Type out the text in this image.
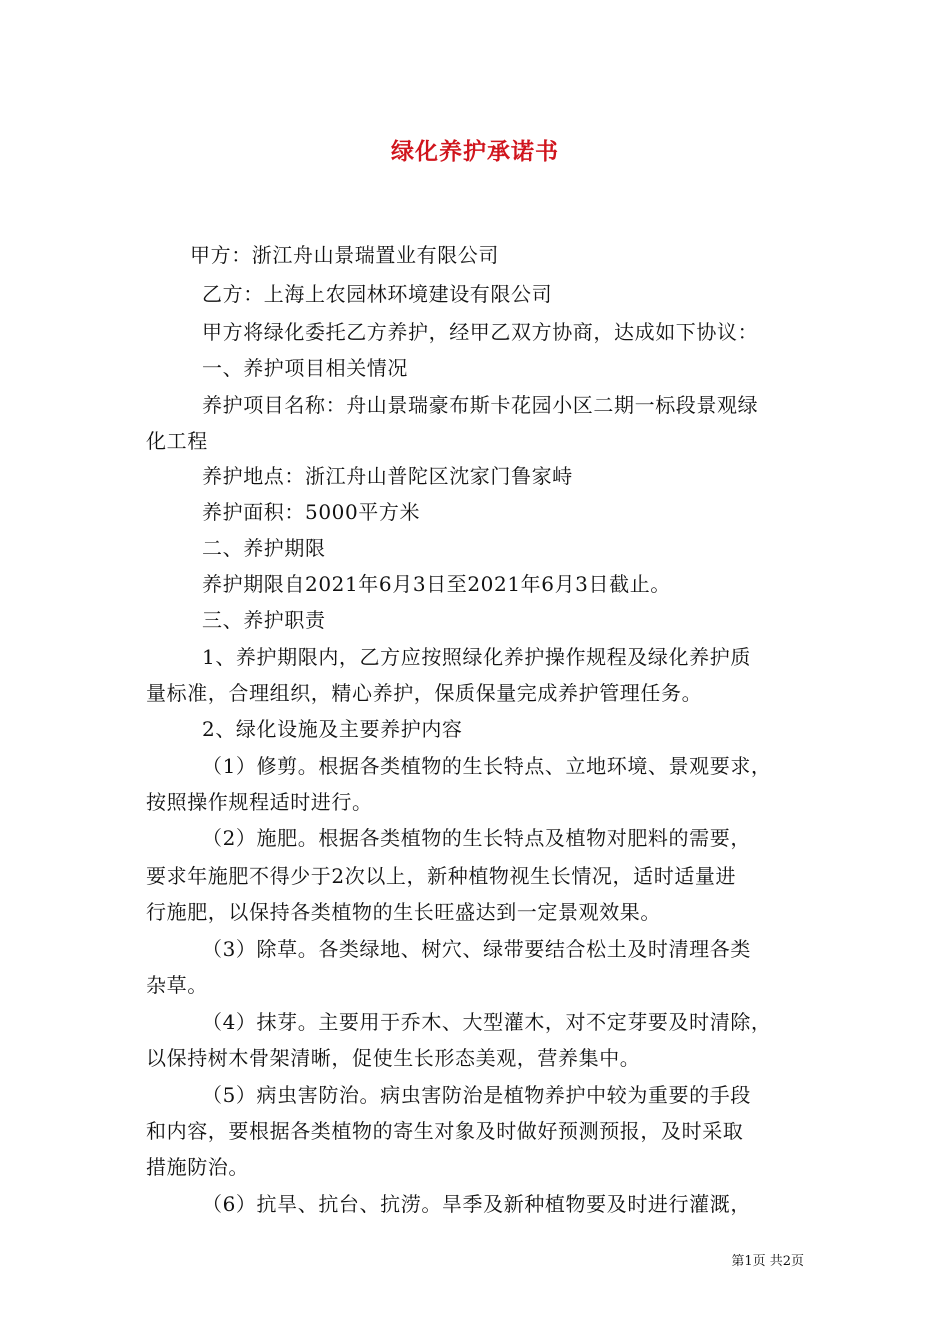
绿化养护承诺书
甲方：浙江舟山景瑞置业有限公司
乙方：上海上农园林环境建设有限公司
甲方将绿化委托乙方养护，经甲乙双方协商，达成如下协议：
一、养护项目相关情况
养护项目名称：舟山景瑞豪布斯卡花园小区二期一标段景观绿
化工程
养护地点：浙江舟山普陀区沈家门鲁家峙
养护面积：5000平方米
二、养护期限
养护期限自2021年6月3日至2021年6月3日截止。
三、养护职责
1、养护期限内，乙方应按照绿化养护操作规程及绿化养护质
量标准，合理组织，精心养护，保质保量完成养护管理任务。
2、绿化设施及主要养护内容
（1）修剪。根据各类植物的生长特点、立地环境、景观要求，
按照操作规程适时进行。
（2）施肥。根据各类植物的生长特点及植物对肥料的需要，
要求年施肥不得少于2次以上，新种植物视生长情况，适时适量进
行施肥，以保持各类植物的生长旺盛达到一定景观效果。
（3）除草。各类绿地、树穴、绿带要结合松土及时清理各类
杂草。
（4）抹芽。主要用于乔木、大型灌木，对不定芽要及时清除，
以保持树木骨架清晰，促使生长形态美观，营养集中。
（5）病虫害防治。病虫害防治是植物养护中较为重要的手段
和内容，要根据各类植物的寄生对象及时做好预测预报，及时采取
措施防治。
（6）抗旱、抗台、抗涝。旱季及新种植物要及时进行灌溉，
第1页 共2页
